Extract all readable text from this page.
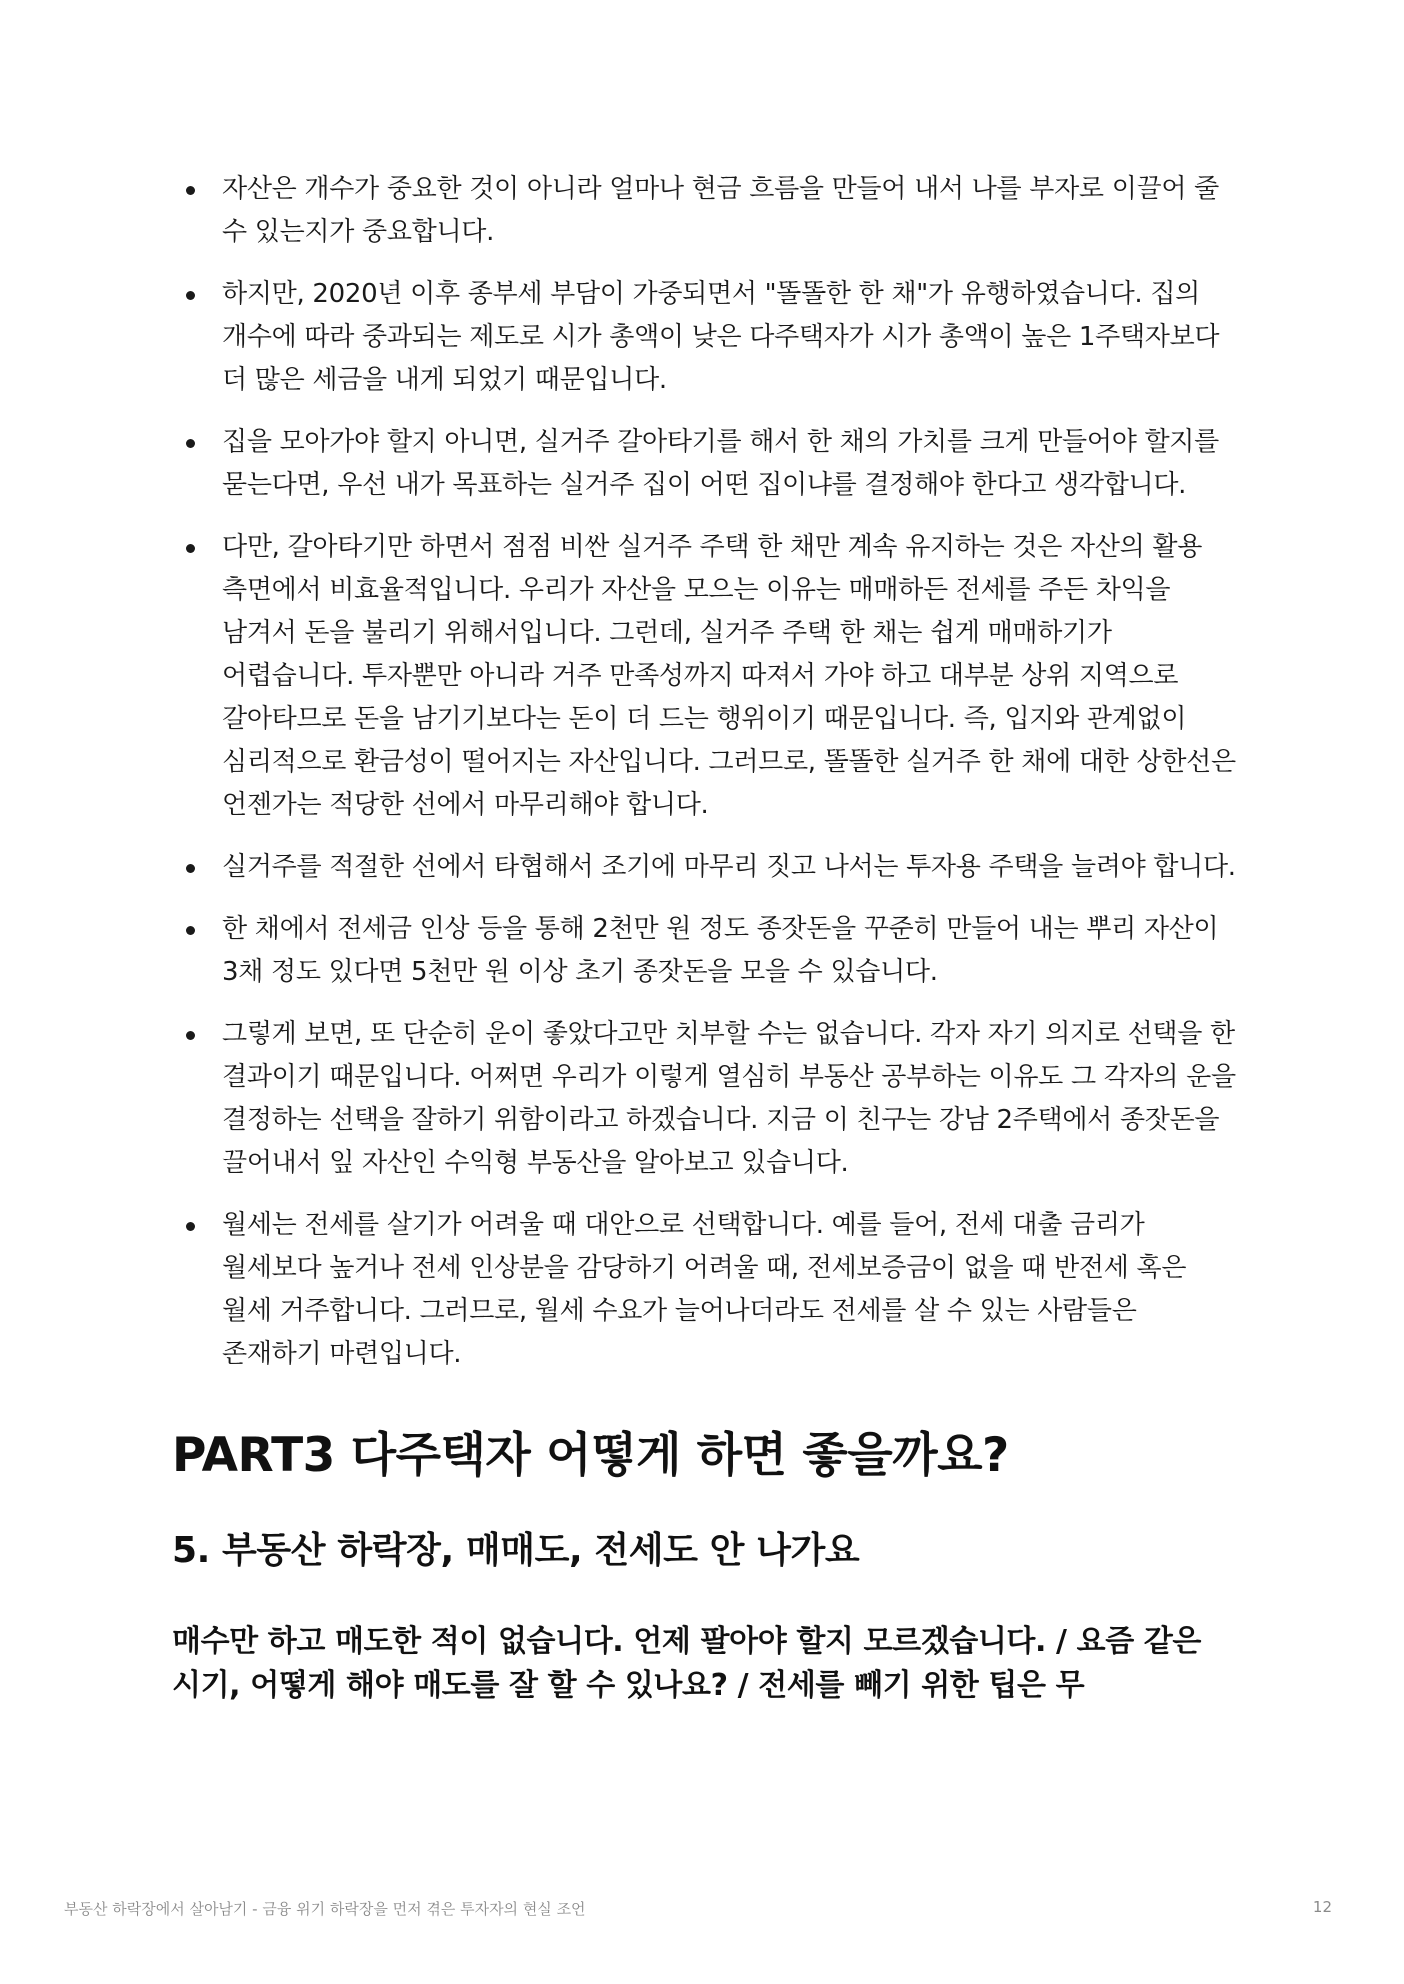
자산은 개수가 중요한 것이 아니라 얼마나 현금 흐름을 만들어 내서 나를 부자로 이끌어 줄 수 있는지가 중요합니다.
하지만, 2020년 이후 종부세 부담이 가중되면서 "똘똘한 한 채"가 유행하였습니다. 집의 개수에 따라 중과되는 제도로 시가 총액이 낮은 다주택자가 시가 총액이 높은 1주택자보다 더 많은 세금을 내게 되었기 때문입니다.
집을 모아가야 할지 아니면, 실거주 갈아타기를 해서 한 채의 가치를 크게 만들어야 할지를 묻는다면, 우선 내가 목표하는 실거주 집이 어떤 집이냐를 결정해야 한다고 생각합니다.
다만, 갈아타기만 하면서 점점 비싼 실거주 주택 한 채만 계속 유지하는 것은 자산의 활용 측면에서 비효율적입니다. 우리가 자산을 모으는 이유는 매매하든 전세를 주든 차익을 남겨서 돈을 불리기 위해서입니다. 그런데, 실거주 주택 한 채는 쉽게 매매하기가 어렵습니다. 투자뿐만 아니라 거주 만족성까지 따져서 가야 하고 대부분 상위 지역으로 갈아타므로 돈을 남기기보다는 돈이 더 드는 행위이기 때문입니다. 즉, 입지와 관계없이 심리적으로 환금성이 떨어지는 자산입니다. 그러므로, 똘똘한 실거주 한 채에 대한 상한선은 언젠가는 적당한 선에서 마무리해야 합니다.
실거주를 적절한 선에서 타협해서 조기에 마무리 짓고 나서는 투자용 주택을 늘려야 합니다.
한 채에서 전세금 인상 등을 통해 2천만 원 정도 종잣돈을 꾸준히 만들어 내는 뿌리 자산이 3채 정도 있다면 5천만 원 이상 초기 종잣돈을 모을 수 있습니다.
그렇게 보면, 또 단순히 운이 좋았다고만 치부할 수는 없습니다. 각자 자기 의지로 선택을 한 결과이기 때문입니다. 어쩌면 우리가 이렇게 열심히 부동산 공부하는 이유도 그 각자의 운을 결정하는 선택을 잘하기 위함이라고 하겠습니다. 지금 이 친구는 강남 2주택에서 종잣돈을 끌어내서 잎 자산인 수익형 부동산을 알아보고 있습니다.
월세는 전세를 살기가 어려울 때 대안으로 선택합니다. 예를 들어, 전세 대출 금리가 월세보다 높거나 전세 인상분을 감당하기 어려울 때, 전세보증금이 없을 때 반전세 혹은 월세 거주합니다. 그러므로, 월세 수요가 늘어나더라도 전세를 살 수 있는 사람들은 존재하기 마련입니다.
PART3 다주택자 어떻게 하면 좋을까요?
5. 부동산 하락장, 매매도, 전세도 안 나가요
매수만 하고 매도한 적이 없습니다. 언제 팔아야 할지 모르겠습니다. / 요즘 같은 시기, 어떻게 해야 매도를 잘 할 수 있나요? / 전세를 빼기 위한 팁은 무
부동산 하락장에서 살아남기 - 금융 위기 하락장을 먼저 겪은 투자자의 현실 조언	12
